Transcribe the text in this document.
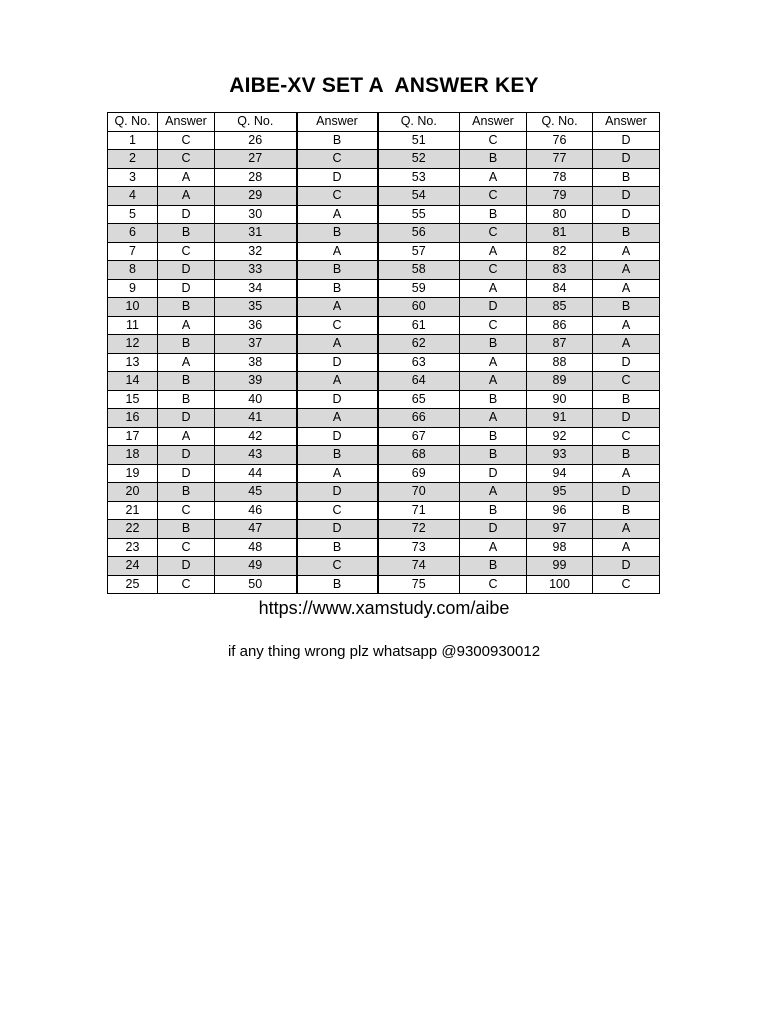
AIBE-XV SET A  ANSWER KEY
Q. No.	Answer	Q. No.	Answer	Q. No.	Answer	Q. No.	Answer
1	C	26	B	51	C	76	D
2	C	27	C	52	B	77	D
3	A	28	D	53	A	78	B
4	A	29	C	54	C	79	D
5	D	30	A	55	B	80	D
6	B	31	B	56	C	81	B
7	C	32	A	57	A	82	A
8	D	33	B	58	C	83	A
9	D	34	B	59	A	84	A
10	B	35	A	60	D	85	B
11	A	36	C	61	C	86	A
12	B	37	A	62	B	87	A
13	A	38	D	63	A	88	D
14	B	39	A	64	A	89	C
15	B	40	D	65	B	90	B
16	D	41	A	66	A	91	D
17	A	42	D	67	B	92	C
18	D	43	B	68	B	93	B
19	D	44	A	69	D	94	A
20	B	45	D	70	A	95	D
21	C	46	C	71	B	96	B
22	B	47	D	72	D	97	A
23	C	48	B	73	A	98	A
24	D	49	C	74	B	99	D
25	C	50	B	75	C	100	C
https://www.xamstudy.com/aibe
if any thing wrong plz whatsapp @9300930012
